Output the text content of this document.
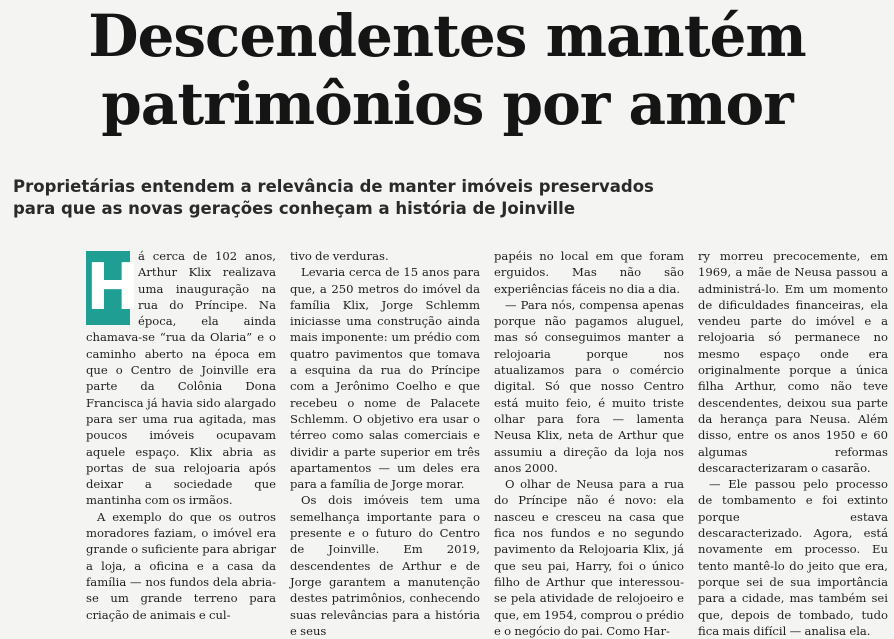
Descendentes mantém
patrimônios por amor
Proprietárias entendem a relevância de manter imóveis preservados
para que as novas gerações conheçam a história de Joinville

H
á cerca de 102 anos, Arthur Klix realizava uma inauguração na rua do Príncipe. Na época, ela ainda chamava-se “rua da Olaria” e o caminho aberto na época em que o Centro de Joinville era parte da Colônia Dona Francisca já havia sido alargado para ser uma rua agitada, mas poucos imóveis ocupavam aquele espaço. Klix abria as portas de sua relojoaria após deixar a sociedade que mantinha com os irmãos.

A exemplo do que os outros moradores faziam, o imóvel era grande o suficiente para abrigar a loja, a oficina e a casa da família — nos fundos dela abria-se um grande terreno para criação de animais e cul-

tivo de verduras.

Levaria cerca de 15 anos para que, a 250 metros do imóvel da família Klix, Jorge Schlemm iniciasse uma construção ainda mais imponente: um prédio com quatro pavimentos que tomava a esquina da rua do Príncipe com a Jerônimo Coelho e que recebeu o nome de Palacete Schlemm. O objetivo era usar o térreo como salas comerciais e dividir a parte superior em três apartamentos — um deles era para a família de Jorge morar.

Os dois imóveis tem uma semelhança importante para o presente e o futuro do Centro de Joinville. Em 2019, descendentes de Arthur e de Jorge garantem a manutenção destes patrimônios, conhecendo suas relevâncias para a história e seus

papéis no local em que foram erguidos. Mas não são experiências fáceis no dia a dia.

— Para nós, compensa apenas porque não pagamos aluguel, mas só conseguimos manter a relojoaria porque nos atualizamos para o comércio digital. Só que nosso Centro está muito feio, é muito triste olhar para fora — lamenta Neusa Klix, neta de Arthur que assumiu a direção da loja nos anos 2000.

O olhar de Neusa para a rua do Príncipe não é novo: ela nasceu e cresceu na casa que fica nos fundos e no segundo pavimento da Relojoaria Klix, já que seu pai, Harry, foi o único filho de Arthur que interessou-se pela atividade de relojoeiro e que, em 1954, comprou o prédio e o negócio do pai. Como Har-

ry morreu precocemente, em 1969, a mãe de Neusa passou a administrá-lo. Em um momento de dificuldades financeiras, ela vendeu parte do imóvel e a relojoaria só permanece no mesmo espaço onde era originalmente porque a única filha Arthur, como não teve descendentes, deixou sua parte da herança para Neusa. Além disso, entre os anos 1950 e 60 algumas reformas descaracterizaram o casarão.

— Ele passou pelo processo de tombamento e foi extinto porque estava descaracterizado. Agora, está novamente em processo. Eu tento mantê-lo do jeito que era, porque sei de sua importância para a cidade, mas também sei que, depois de tombado, tudo fica mais difícil — analisa ela.
